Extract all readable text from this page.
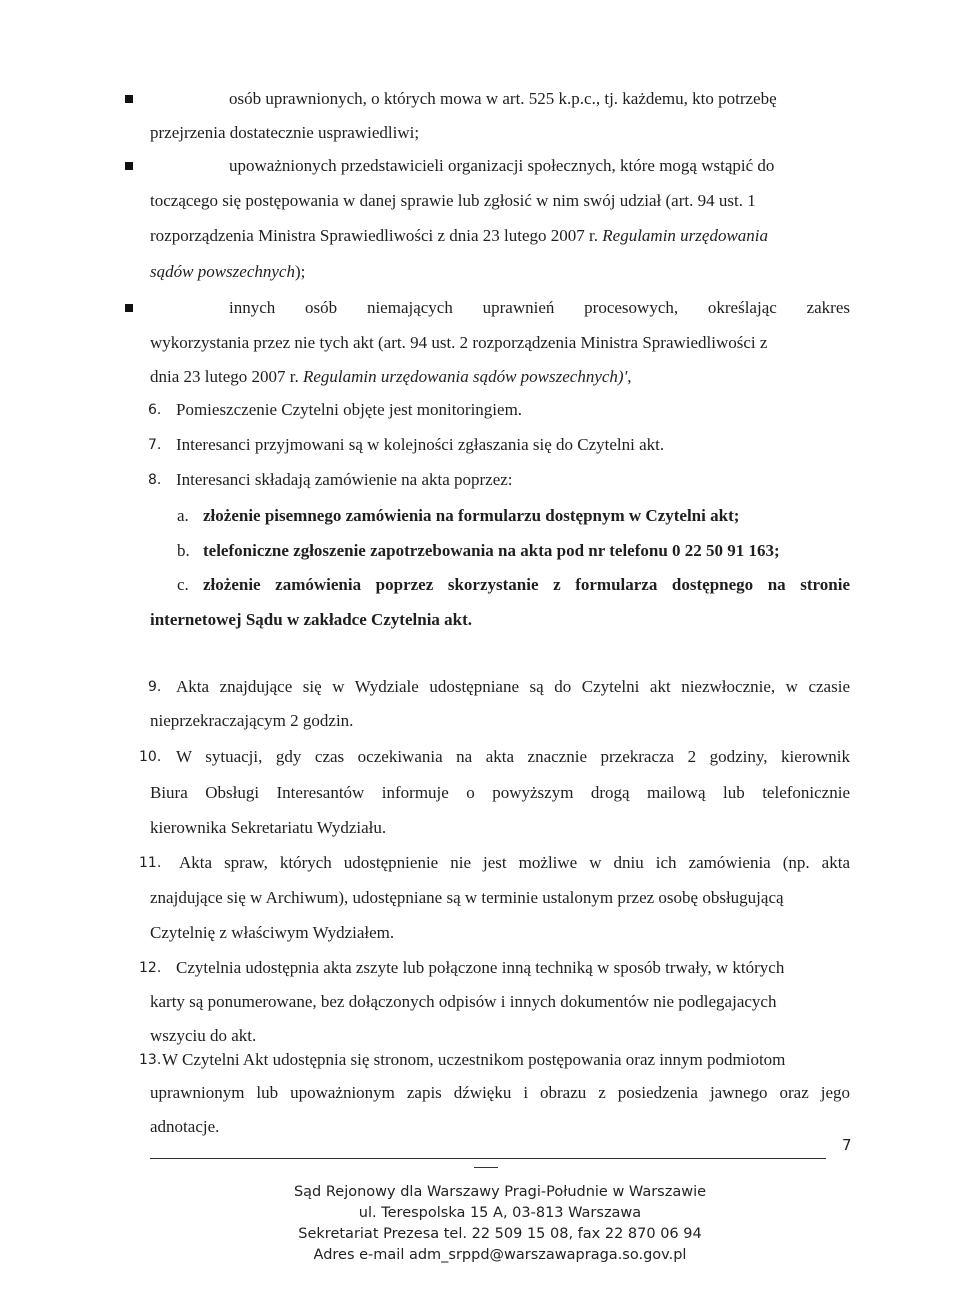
osób uprawnionych, o których mowa w art. 525 k.p.c., tj. każdemu, kto potrzebę
przejrzenia dostatecznie usprawiedliwi;
upoważnionych przedstawicieli organizacji społecznych, które mogą wstąpić do
toczącego się postępowania w danej sprawie lub zgłosić w nim swój udział (art. 94 ust. 1
rozporządzenia Ministra Sprawiedliwości z dnia 23 lutego 2007 r. Regulamin urzędowania
sądów powszechnych);
innych osób niemających uprawnień procesowych, określając zakres
wykorzystania przez nie tych akt (art. 94 ust. 2 rozporządzenia Ministra Sprawiedliwości z
dnia 23 lutego 2007 r. Regulamin urzędowania sądów powszechnych)',
6. Pomieszczenie Czytelni objęte jest monitoringiem.
7. Interesanci przyjmowani są w kolejności zgłaszania się do Czytelni akt.
8. Interesanci składają zamówienie na akta poprzez:
a. złożenie pisemnego zamówienia na formularzu dostępnym w Czytelni akt;
b. telefoniczne zgłoszenie zapotrzebowania na akta pod nr telefonu 0 22 50 91 163;
c. złożenie zamówienia poprzez skorzystanie z formularza dostępnego na stronie
internetowej Sądu w zakładce Czytelnia akt.
9. Akta znajdujące się w Wydziale udostępniane są do Czytelni akt niezwłocznie, w czasie
nieprzekraczającym 2 godzin.
10. W sytuacji, gdy czas oczekiwania na akta znacznie przekracza 2 godziny, kierownik
Biura Obsługi Interesantów informuje o powyższym drogą mailową lub telefonicznie
kierownika Sekretariatu Wydziału.
11. Akta spraw, których udostępnienie nie jest możliwe w dniu ich zamówienia (np. akta
znajdujące się w Archiwum), udostępniane są w terminie ustalonym przez osobę obsługującą
Czytelnię z właściwym Wydziałem.
12. Czytelnia udostępnia akta zszyte lub połączone inną techniką w sposób trwały, w których
karty są ponumerowane, bez dołączonych odpisów i innych dokumentów nie podlegajacych
wszyciu do akt.
13. W Czytelni Akt udostępnia się stronom, uczestnikom postępowania oraz innym podmiotom
uprawnionym lub upoważnionym zapis dźwięku i obrazu z posiedzenia jawnego oraz jego
adnotacje.
7
Sąd Rejonowy dla Warszawy Pragi-Południe w Warszawie
ul. Terespolska 15 A, 03-813 Warszawa
Sekretariat Prezesa tel. 22 509 15 08, fax 22 870 06 94
Adres e-mail adm_srppd@warszawapraga.so.gov.pl
